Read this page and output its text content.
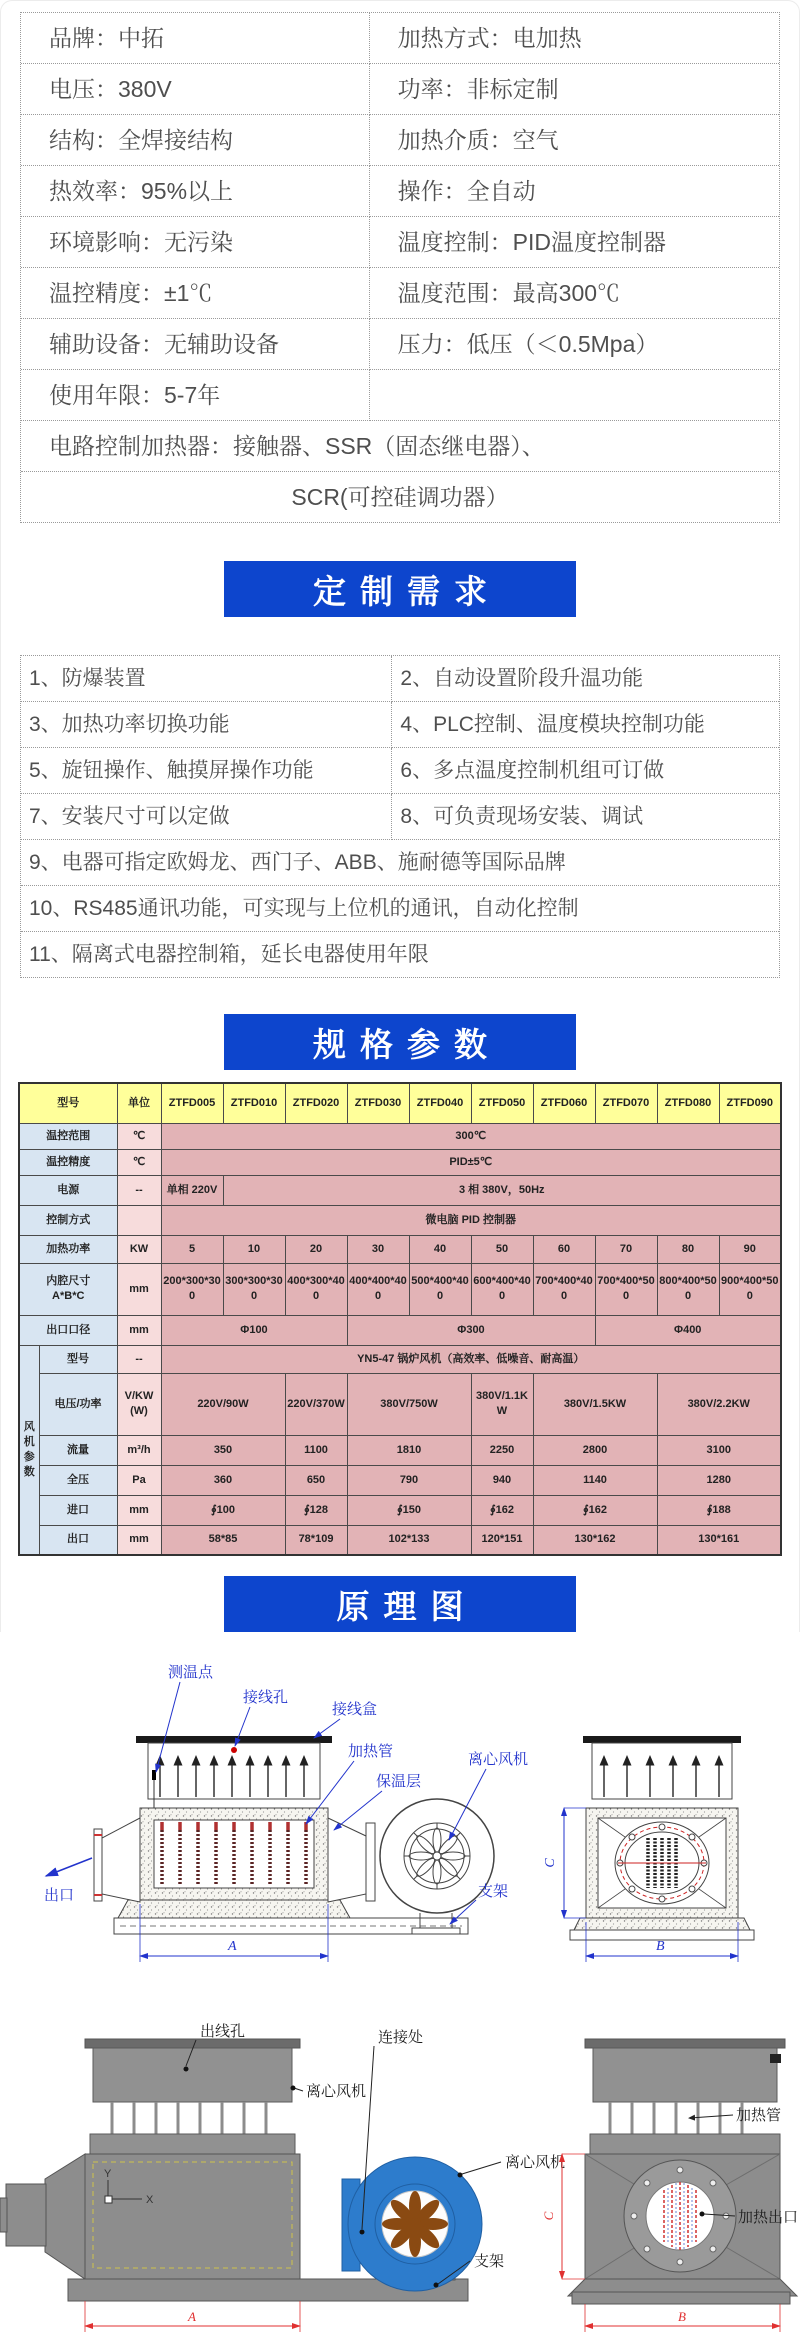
品牌：中拓	加热方式：电加热
电压：380V	功率：非标定制
结构：全焊接结构	加热介质：空气
热效率：95%以上	操作：全自动
环境影响：无污染	温度控制：PID温度控制器
温控精度：±1℃	温度范围：最高300℃
辅助设备：无辅助设备	压力：低压（＜0.5Mpa）
使用年限：5-7年
电路控制加热器：接触器、SSR（固态继电器）、
SCR(可控硅调功器）
定制需求
1、防爆装置	2、自动设置阶段升温功能
3、加热功率切换功能	4、PLC控制、温度模块控制功能
5、旋钮操作、触摸屏操作功能	6、多点温度控制机组可订做
7、安装尺寸可以定做	8、可负责现场安装、调试
9、电器可指定欧姆龙、西门子、ABB、施耐德等国际品牌
10、RS485通讯功能，可实现与上位机的通讯，自动化控制
11、隔离式电器控制箱，延长电器使用年限
规格参数
型号		单位	ZTFD005	ZTFD010	ZTFD020	ZTFD030	ZTFD040	ZTFD050	ZTFD060	ZTFD070	ZTFD080	ZTFD090
温控范围		℃	300℃									
温控精度		℃	PID±5℃									
电源		--	单相 220V	3 相 380V，50Hz								
控制方式			微电脑 PID 控制器									
加热功率		KW	5	10	20	30	40	50	60	70	80	90

内腔尺寸
A*B*C		mm	200*300*300	300*300*300	400*300*400	400*400*400	500*400*400	600*400*400	700*400*400	700*400*500	800*400*500	900*400*500
出口口径		mm	Φ100			Φ300				Φ400		
风机参数	型号	--	YN5-47 锅炉风机（高效率、低噪音、耐高温）									
	电压/功率	V/KW (W)	220V/90W		220V/370W	380V/750W		380V/1.1KW	380V/1.5KW		380V/2.2KW	
	流量	m³/h	350		1100	1810		2250	2800		3100	
	全压	Pa	360		650	790		940	1140		1280	
	进口	mm	∮100		∮128	∮150		∮162	∮162		∮188	
	出口	mm	58*85		78*109	102*133		120*151	130*162		130*161	
原理图
出口
A
测温点
接线孔
接线盒
加热管
保温层
离心风机
支架
C
B
Y
X
A
出线孔	连接处
离心风机
离心风机
支架
C
B
加热管
加热出口
